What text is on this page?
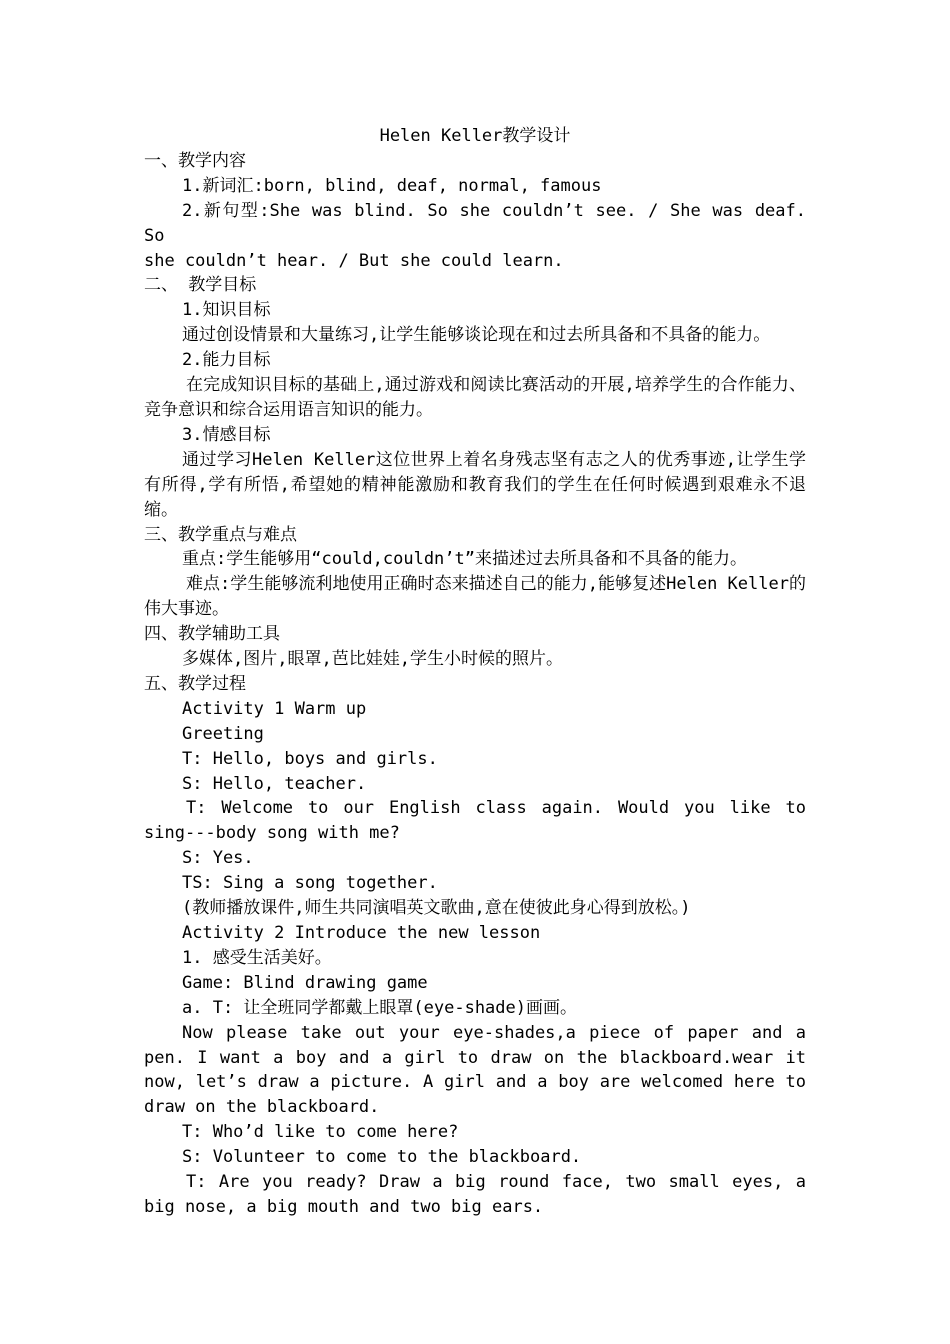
Helen Keller教学设计

一、教学内容

1.新词汇:born, blind, deaf, normal, famous

2.新句型:She was blind. So she couldn’t see. / She was deaf. So

she couldn’t hear. / But she could learn.

二、 教学目标

1.知识目标

通过创设情景和大量练习,让学生能够谈论现在和过去所具备和不具备的能力。

2.能力目标

在完成知识目标的基础上,通过游戏和阅读比赛活动的开展,培养学生的合作能力、竞争意识和综合运用语言知识的能力。

3.情感目标

通过学习Helen Keller这位世界上着名身残志坚有志之人的优秀事迹,让学生学有所得,学有所悟,希望她的精神能激励和教育我们的学生在任何时候遇到艰难永不退缩。

三、教学重点与难点

重点:学生能够用“could,couldn’t”来描述过去所具备和不具备的能力。

难点:学生能够流利地使用正确时态来描述自己的能力,能够复述Helen Keller的伟大事迹。

四、教学辅助工具

多媒体,图片,眼罩,芭比娃娃,学生小时候的照片。

五、教学过程

Activity 1 Warm up

Greeting

T: Hello, boys and girls.

S: Hello, teacher.

T: Welcome to our English class again. Would you like to sing---body song with me?

S: Yes.

TS: Sing a song together.

(教师播放课件,师生共同演唱英文歌曲,意在使彼此身心得到放松。)

Activity 2 Introduce the new lesson

1. 感受生活美好。

Game: Blind drawing game

a. T: 让全班同学都戴上眼罩(eye-shade)画画。

Now please take out your eye-shades,a piece of paper and a pen. I want a boy and a girl to draw on the blackboard.wear it now, let’s draw a picture. A girl and a boy are welcomed here to draw on the blackboard.

T: Who’d like to come here?

S: Volunteer to come to the blackboard.

T: Are you ready? Draw a big round face, two small eyes, a big nose, a big mouth and two big ears.
